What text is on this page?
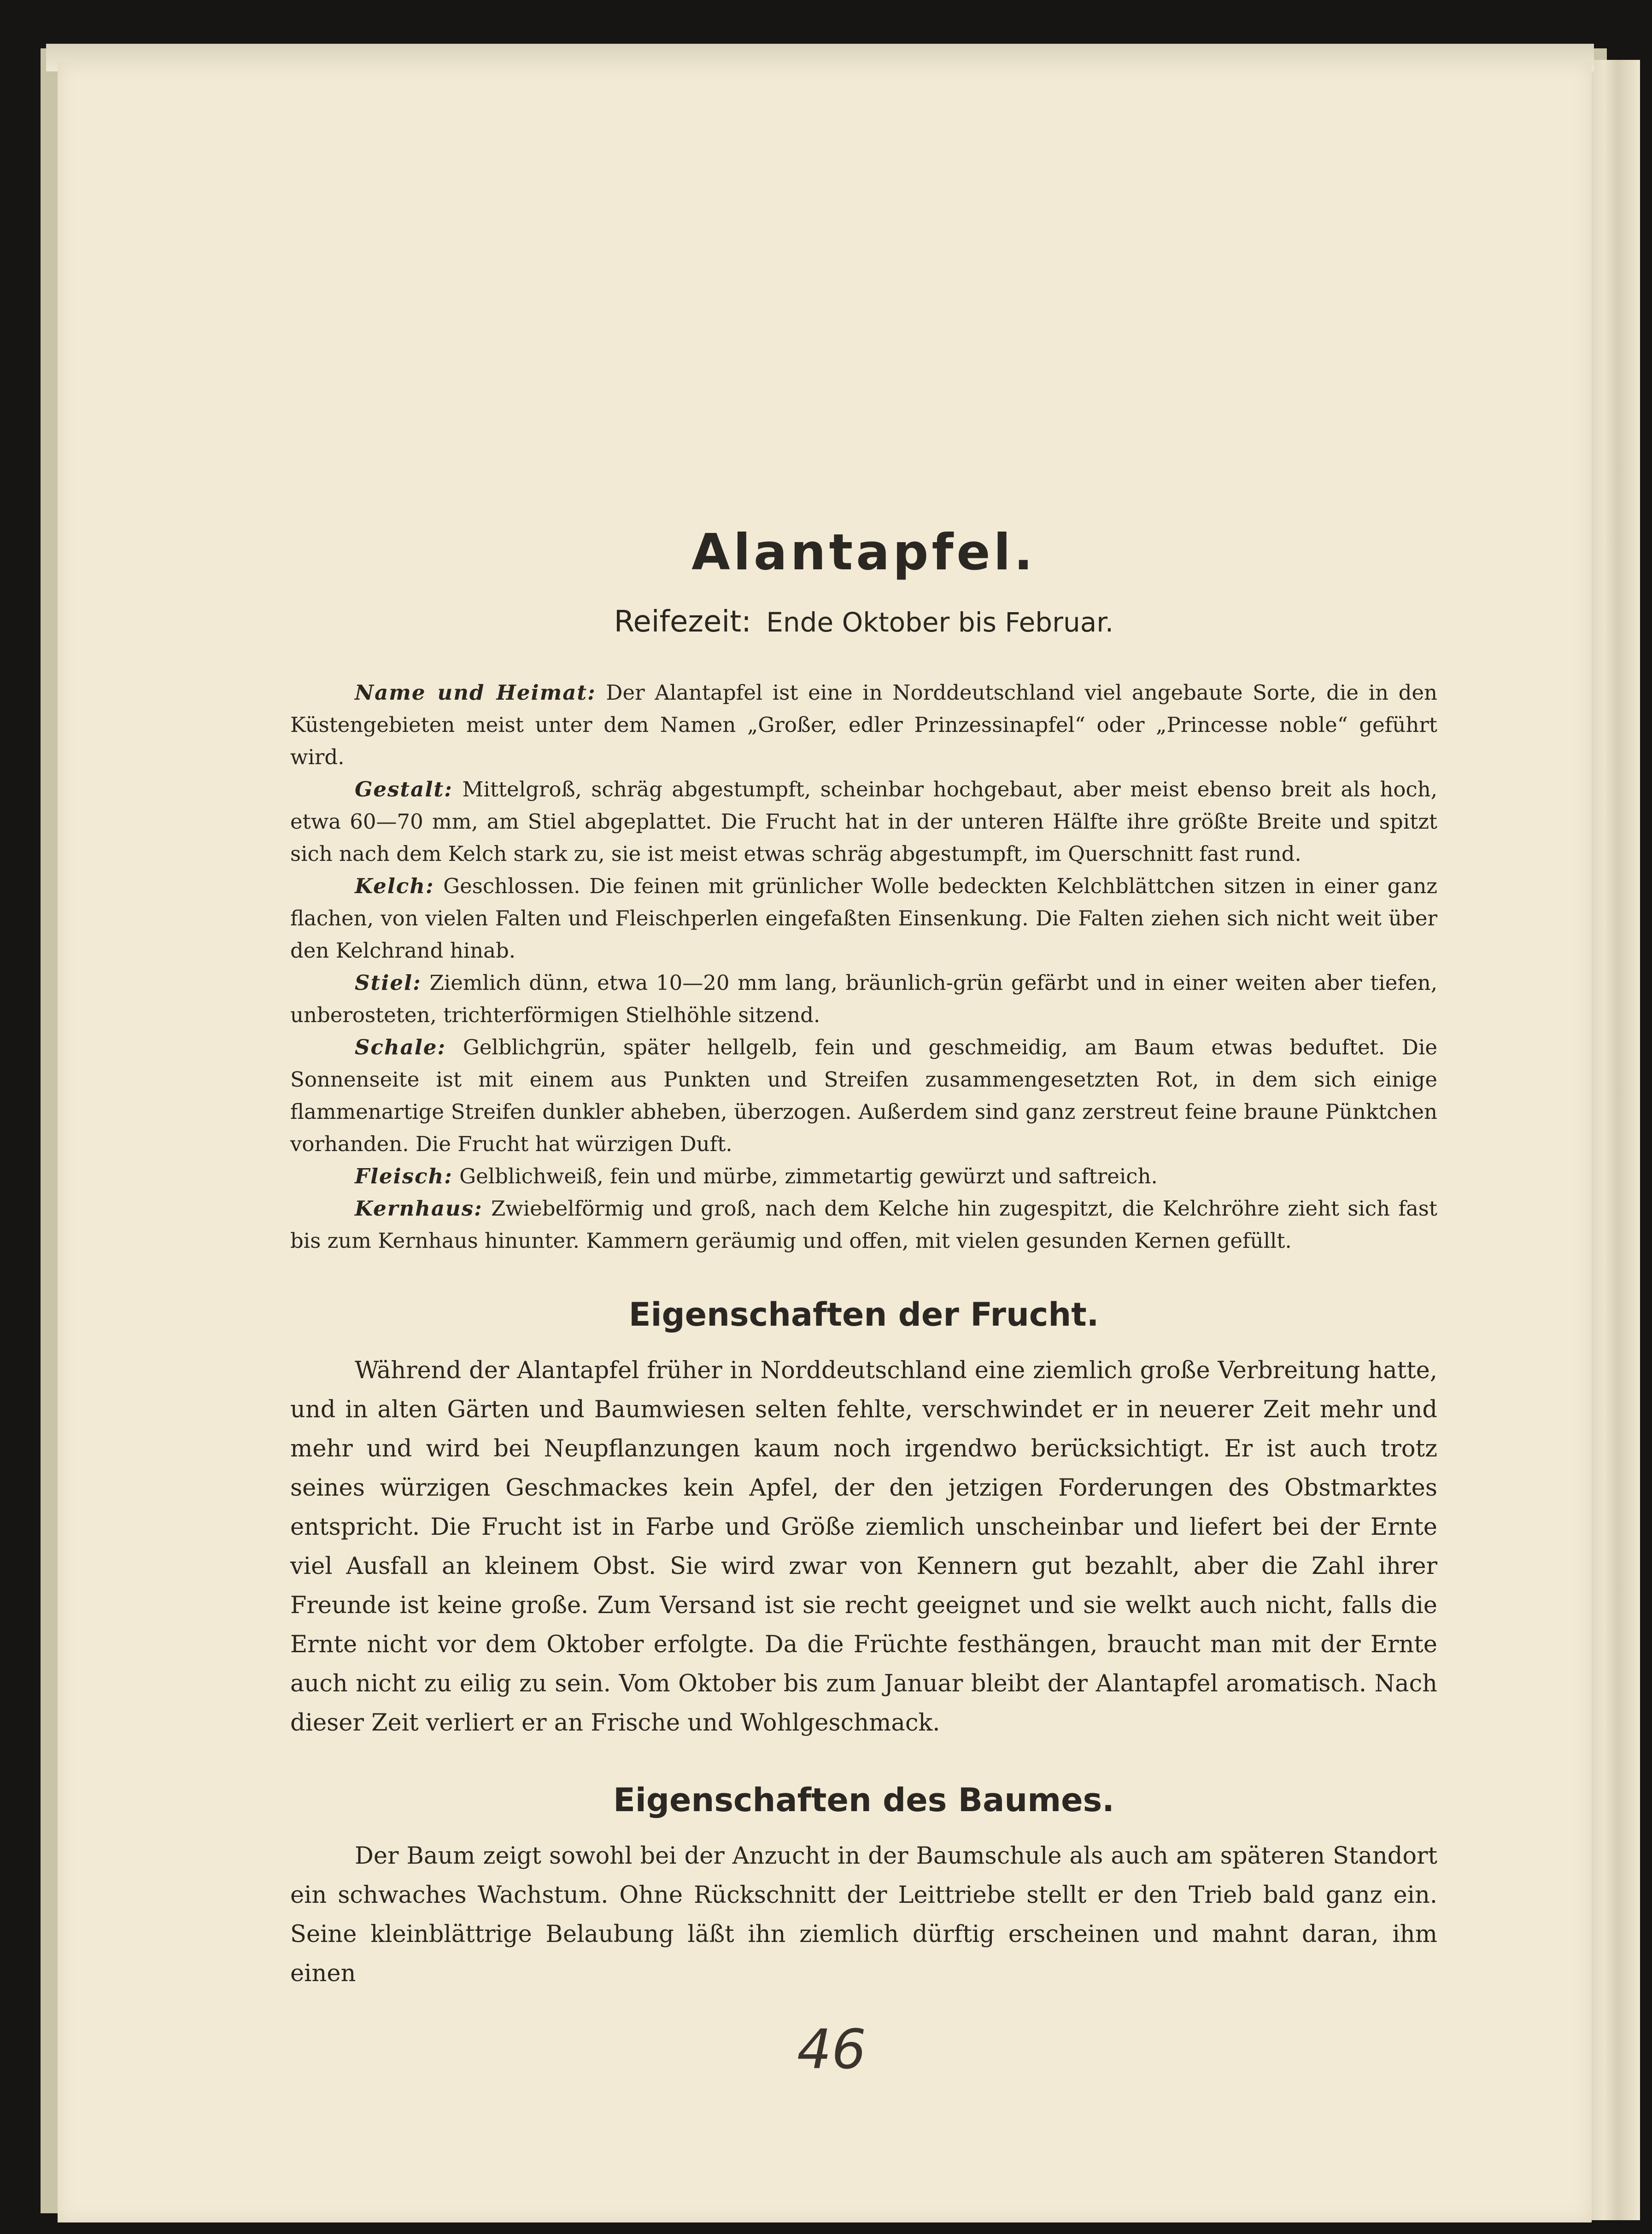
Alantapfel.
Reifezeit: Ende Oktober bis Februar.

Name und Heimat: Der Alantapfel ist eine in Norddeutschland viel angebaute Sorte, die in den Küstengebieten meist unter dem Namen „Großer, edler Prinzessinapfel“ oder „Princesse noble“ geführt wird.

Gestalt: Mittelgroß, schräg abgestumpft, scheinbar hochgebaut, aber meist ebenso breit als hoch, etwa 60—70 mm, am Stiel abgeplattet. Die Frucht hat in der unteren Hälfte ihre größte Breite und spitzt sich nach dem Kelch stark zu, sie ist meist etwas schräg abgestumpft, im Querschnitt fast rund.

Kelch: Geschlossen. Die feinen mit grünlicher Wolle bedeckten Kelchblättchen sitzen in einer ganz flachen, von vielen Falten und Fleischperlen eingefaßten Einsenkung. Die Falten ziehen sich nicht weit über den Kelchrand hinab.

Stiel: Ziemlich dünn, etwa 10—20 mm lang, bräunlich-grün gefärbt und in einer weiten aber tiefen, unberosteten, trichterförmigen Stielhöhle sitzend.

Schale: Gelblichgrün, später hellgelb, fein und geschmeidig, am Baum etwas beduftet. Die Sonnenseite ist mit einem aus Punkten und Streifen zusammengesetzten Rot, in dem sich einige flammenartige Streifen dunkler abheben, überzogen. Außerdem sind ganz zerstreut feine braune Pünktchen vorhanden. Die Frucht hat würzigen Duft.

Fleisch: Gelblichweiß, fein und mürbe, zimmetartig gewürzt und saftreich.

Kernhaus: Zwiebelförmig und groß, nach dem Kelche hin zugespitzt, die Kelchröhre zieht sich fast bis zum Kernhaus hinunter. Kammern geräumig und offen, mit vielen gesunden Kernen gefüllt.

Eigenschaften der Frucht.

Während der Alantapfel früher in Norddeutschland eine ziemlich große Verbreitung hatte, und in alten Gärten und Baumwiesen selten fehlte, verschwindet er in neuerer Zeit mehr und mehr und wird bei Neupflanzungen kaum noch irgendwo berücksichtigt. Er ist auch trotz seines würzigen Geschmackes kein Apfel, der den jetzigen Forderungen des Obstmarktes entspricht. Die Frucht ist in Farbe und Größe ziemlich unscheinbar und liefert bei der Ernte viel Ausfall an kleinem Obst. Sie wird zwar von Kennern gut bezahlt, aber die Zahl ihrer Freunde ist keine große. Zum Versand ist sie recht geeignet und sie welkt auch nicht, falls die Ernte nicht vor dem Oktober erfolgte. Da die Früchte festhängen, braucht man mit der Ernte auch nicht zu eilig zu sein. Vom Oktober bis zum Januar bleibt der Alantapfel aromatisch. Nach dieser Zeit verliert er an Frische und Wohlgeschmack.

Eigenschaften des Baumes.

Der Baum zeigt sowohl bei der Anzucht in der Baumschule als auch am späteren Standort ein schwaches Wachstum. Ohne Rückschnitt der Leittriebe stellt er den Trieb bald ganz ein. Seine kleinblättrige Belaubung läßt ihn ziemlich dürftig erscheinen und mahnt daran, ihm einen

46
